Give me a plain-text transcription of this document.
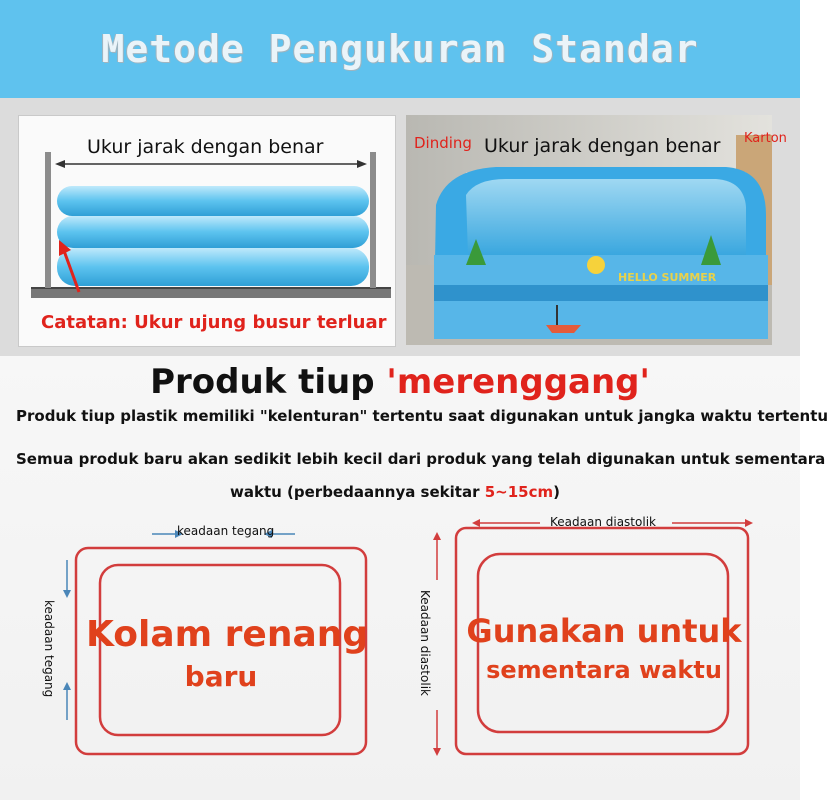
Metode Pengukuran Standar
Ukur jarak dengan benar
Catatan: Ukur ujung busur terluar
HELLO SUMMER
Dinding Ukur jarak dengan benar Karton
Produk tiup 'merenggang'
Produk tiup plastik memiliki "kelenturan" tertentu saat digunakan untuk jangka waktu tertentu
Semua produk baru akan sedikit lebih kecil dari produk yang telah digunakan untuk sementara
waktu (perbedaannya sekitar 5~15cm)
keadaan tegang
keadaan tegang Kolam renang
baru
Keadaan diastolik
Keadaan diastolik Gunakan untuk
sementara waktu
